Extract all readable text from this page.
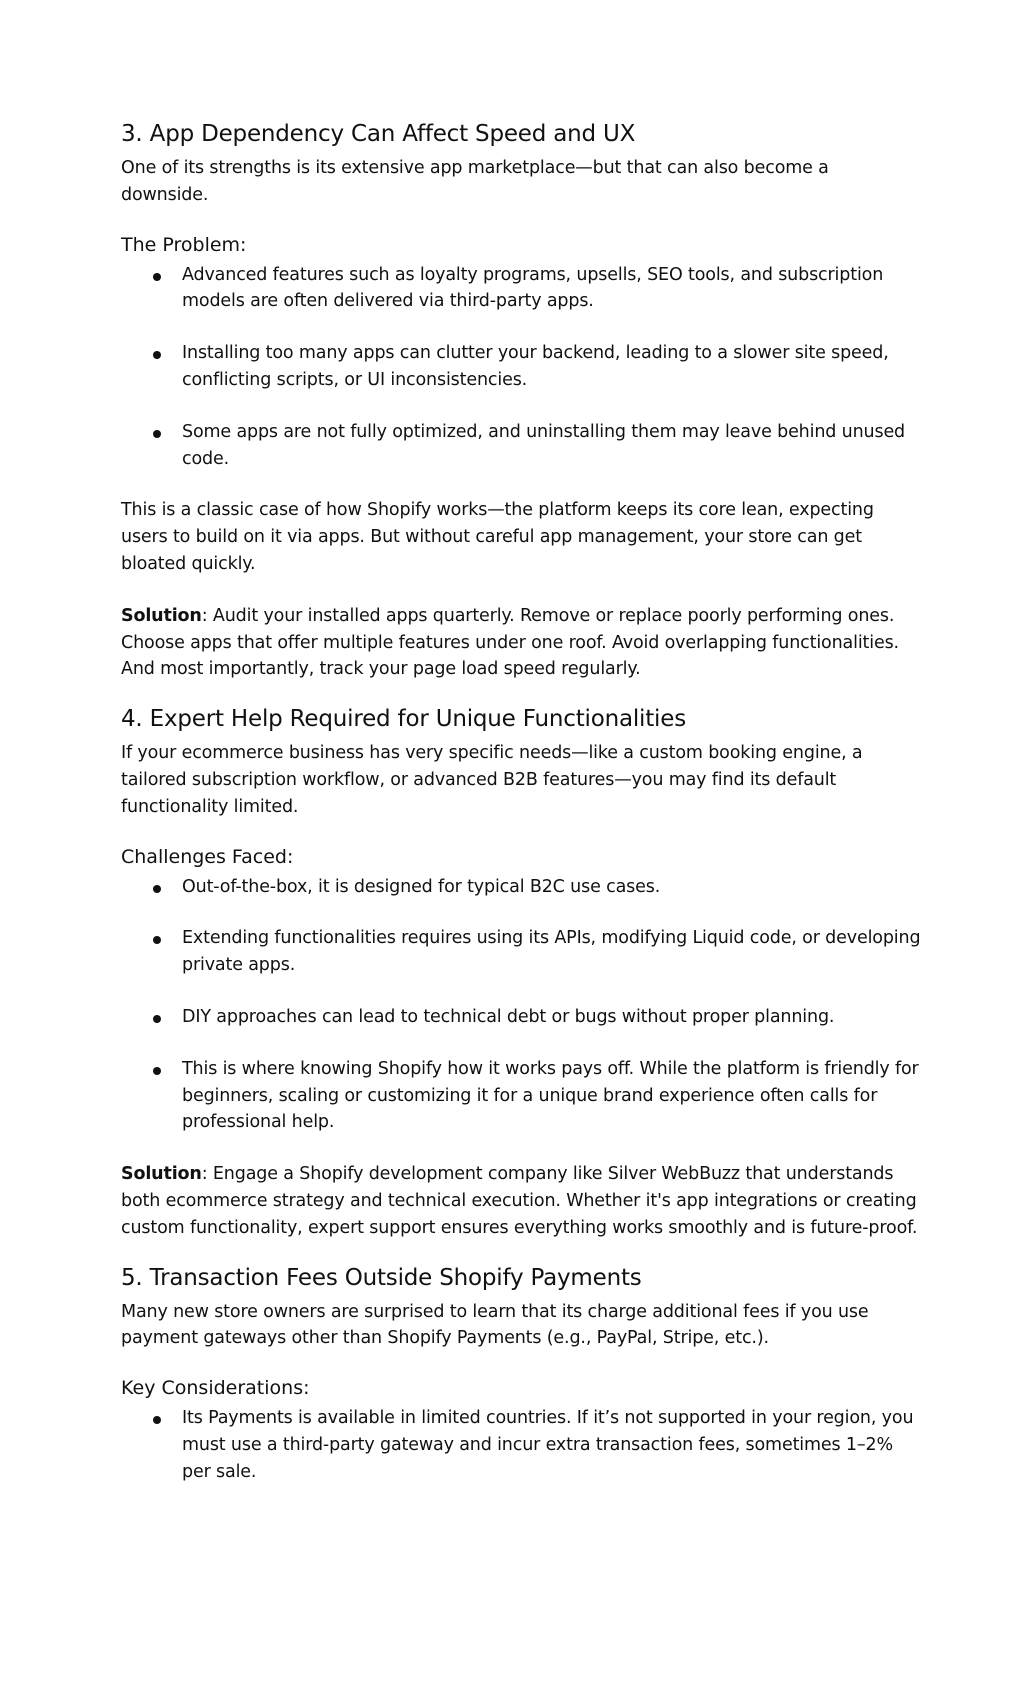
3. App Dependency Can Affect Speed and UX

One of its strengths is its extensive app marketplace—but that can also become a downside.

The Problem:
Advanced features such as loyalty programs, upsells, SEO tools, and subscription models are often delivered via third-party apps.
Installing too many apps can clutter your backend, leading to a slower site speed, conflicting scripts, or UI inconsistencies.
Some apps are not fully optimized, and uninstalling them may leave behind unused code.

This is a classic case of how Shopify works—the platform keeps its core lean, expecting users to build on it via apps. But without careful app management, your store can get bloated quickly.

Solution: Audit your installed apps quarterly. Remove or replace poorly performing ones. Choose apps that offer multiple features under one roof. Avoid overlapping functionalities. And most importantly, track your page load speed regularly.

4. Expert Help Required for Unique Functionalities

If your ecommerce business has very specific needs—like a custom booking engine, a tailored subscription workflow, or advanced B2B features—you may find its default functionality limited.

Challenges Faced:
Out-of-the-box, it is designed for typical B2C use cases.
Extending functionalities requires using its APIs, modifying Liquid code, or developing private apps.
DIY approaches can lead to technical debt or bugs without proper planning.
This is where knowing Shopify how it works pays off. While the platform is friendly for beginners, scaling or customizing it for a unique brand experience often calls for professional help.

Solution: Engage a Shopify development company like Silver WebBuzz that understands both ecommerce strategy and technical execution. Whether it's app integrations or creating custom functionality, expert support ensures everything works smoothly and is future-proof.

5. Transaction Fees Outside Shopify Payments

Many new store owners are surprised to learn that its charge additional fees if you use payment gateways other than Shopify Payments (e.g., PayPal, Stripe, etc.).

Key Considerations:
Its Payments is available in limited countries. If it’s not supported in your region, you must use a third-party gateway and incur extra transaction fees, sometimes 1–2% per sale.
